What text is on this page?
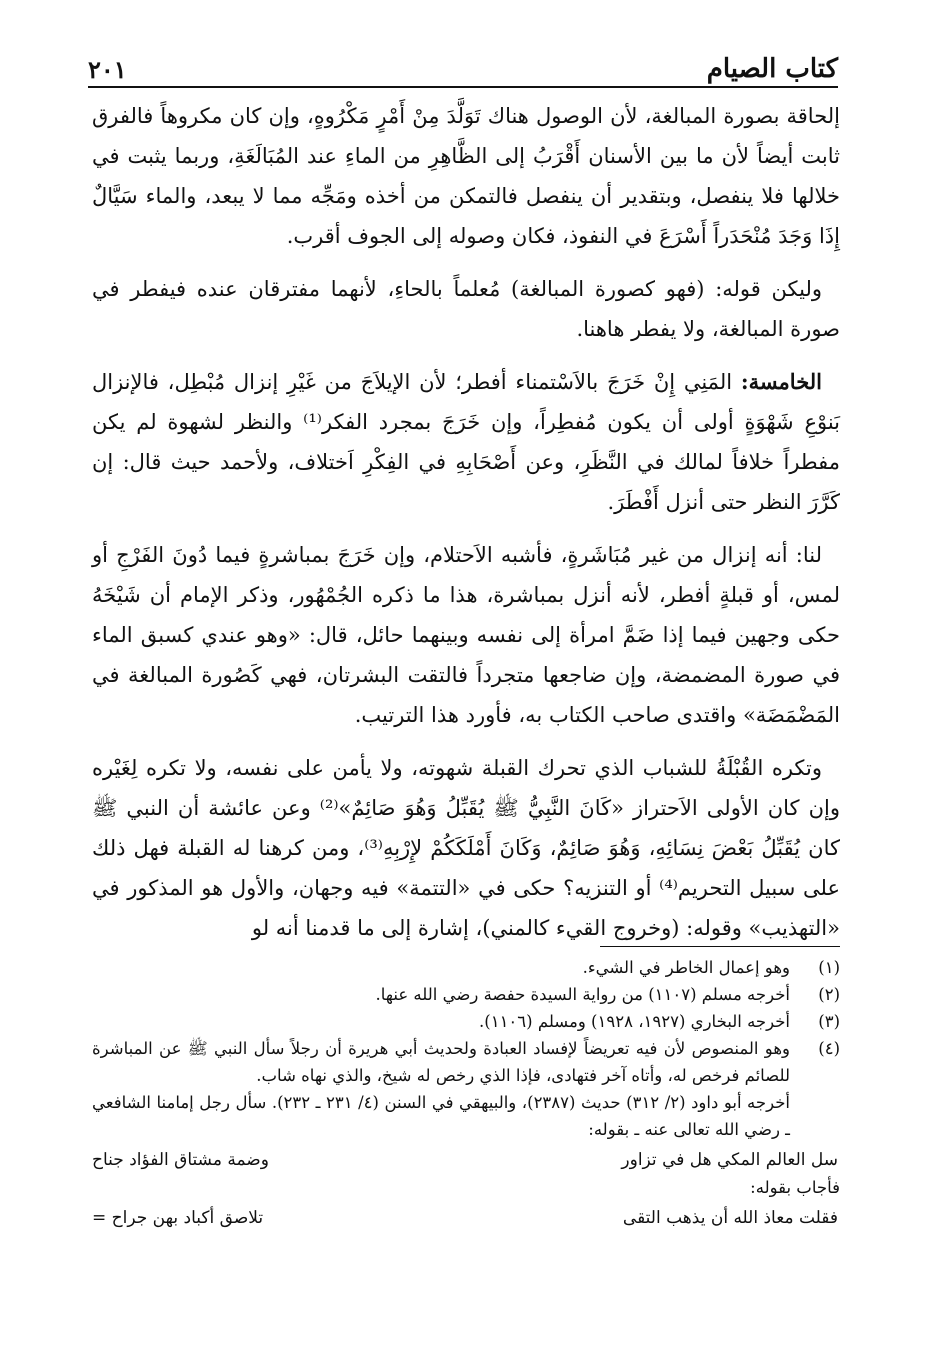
كتاب الصيام
٢٠١

إلحاقة بصورة المبالغة، لأن الوصول هناك تَوَلَّدَ مِنْ أَمْرٍ مَكْرُوهٍ، وإن كان مكروهاً فالفرق ثابت أيضاً لأن ما بين الأسنان أَقْرَبُ إلى الظَّاهِرِ من الماءِ عند المُبَالَغَةِ، وربما يثبت في خلالها فلا ينفصل، وبتقدير أن ينفصل فالتمكن من أخذه ومَجِّه مما لا يبعد، والماء سَيَّالٌ إِذَا وَجَدَ مُنْحَدَراً أَسْرَعَ في النفوذ، فكان وصوله إلى الجوف أقرب.

وليكن قوله: (فهو كصورة المبالغة) مُعلماً بالحاءِ، لأنهما مفترقان عنده فيفطر في صورة المبالغة، ولا يفطر هاهنا.

الخامسة: المَنِي إِنْ خَرَجَ بالاَسْتمناء أفطر؛ لأن الإيلاَجَ من غَيْرِ إنزال مُبْطِل، فالإنزال بَنوْعِ شَهْوَةٍ أولى أن يكون مُفطِراً، وإن خَرَجَ بمجرد الفكر⁽¹⁾ والنظر لشهوة لم يكن مفطراً خلافاً لمالك في النَّظَرِ، وعن أَصْحَابِهِ في الفِكْرِ اَختلاف، ولأحمد حيث قال: إن كَرَّرَ النظر حتى أنزل أَفْطَرَ.

لنا: أنه إنزال من غير مُبَاشَرةٍ، فأشبه الاَحتلام، وإن خَرَجَ بمباشرةٍ فيما دُونَ الفَرْجِ أو لمس، أو قبلةٍ أفطر، لأنه أنزل بمباشرة، هذا ما ذكره الجُمْهُور، وذكر الإمام أن شَيْخَهُ حكى وجهين فيما إذا ضَمَّ امرأة إلى نفسه وبينهما حائل، قال: «وهو عندي كسبق الماء في صورة المضمضة، وإن ضاجعها متجرداً فالتقت البشرتان، فهي كَصُورة المبالغة في المَضْمَضَة» واقتدى صاحب الكتاب به، فأورد هذا الترتيب.

وتكره القُبْلَةُ للشباب الذي تحرك القبلة شهوته، ولا يأمن على نفسه، ولا تكره لِغَيْره وإن كان الأولى الاَحتراز «كَانَ النَّبِيُّ ﷺ يُقَبِّلُ وَهُوَ صَائِمٌ»⁽²⁾ وعن عائشة أن النبي ﷺ كان يُقَبِّلُ بَعْضَ نِسَائِهِ، وَهُوَ صَائِمٌ، وَكَانَ أَمْلَكَكُمْ لإِرْبِهِ⁽³⁾، ومن كرهنا له القبلة فهل ذلك على سبيل التحريم⁽⁴⁾ أو التنزيه؟ حكى في «التتمة» فيه وجهان، والأول هو المذكور في «التهذيب» وقوله: (وخروج القيء كالمني)، إشارة إلى ما قدمنا أنه لو

(١)
وهو إعمال الخاطر في الشيء.
(٢)
أخرجه مسلم (١١٠٧) من رواية السيدة حفصة رضي الله عنها.
(٣)
أخرجه البخاري (١٩٢٧، ١٩٢٨) ومسلم (١١٠٦).
(٤)
وهو المنصوص لأن فيه تعريضاً لإفساد العبادة ولحديث أبي هريرة أن رجلاً سأل النبي ﷺ عن المباشرة للصائم فرخص له، وأتاه آخر فتهادى، فإذا الذي رخص له شيخ، والذي نهاه شاب.
أخرجه أبو داود (٢/ ٣١٢) حديث (٢٣٨٧)، والبيهقي في السنن (٤/ ٢٣١ ـ ٢٣٢). سأل رجل إمامنا الشافعي ـ رضي الله تعالى عنه ـ بقوله:
سل العالم المكي هل في تزاور
وضمة مشتاق الفؤاد جناح
فأجاب بقوله:
فقلت معاذ الله أن يذهب التقى
تلاصق أكباد بهن جراح =
